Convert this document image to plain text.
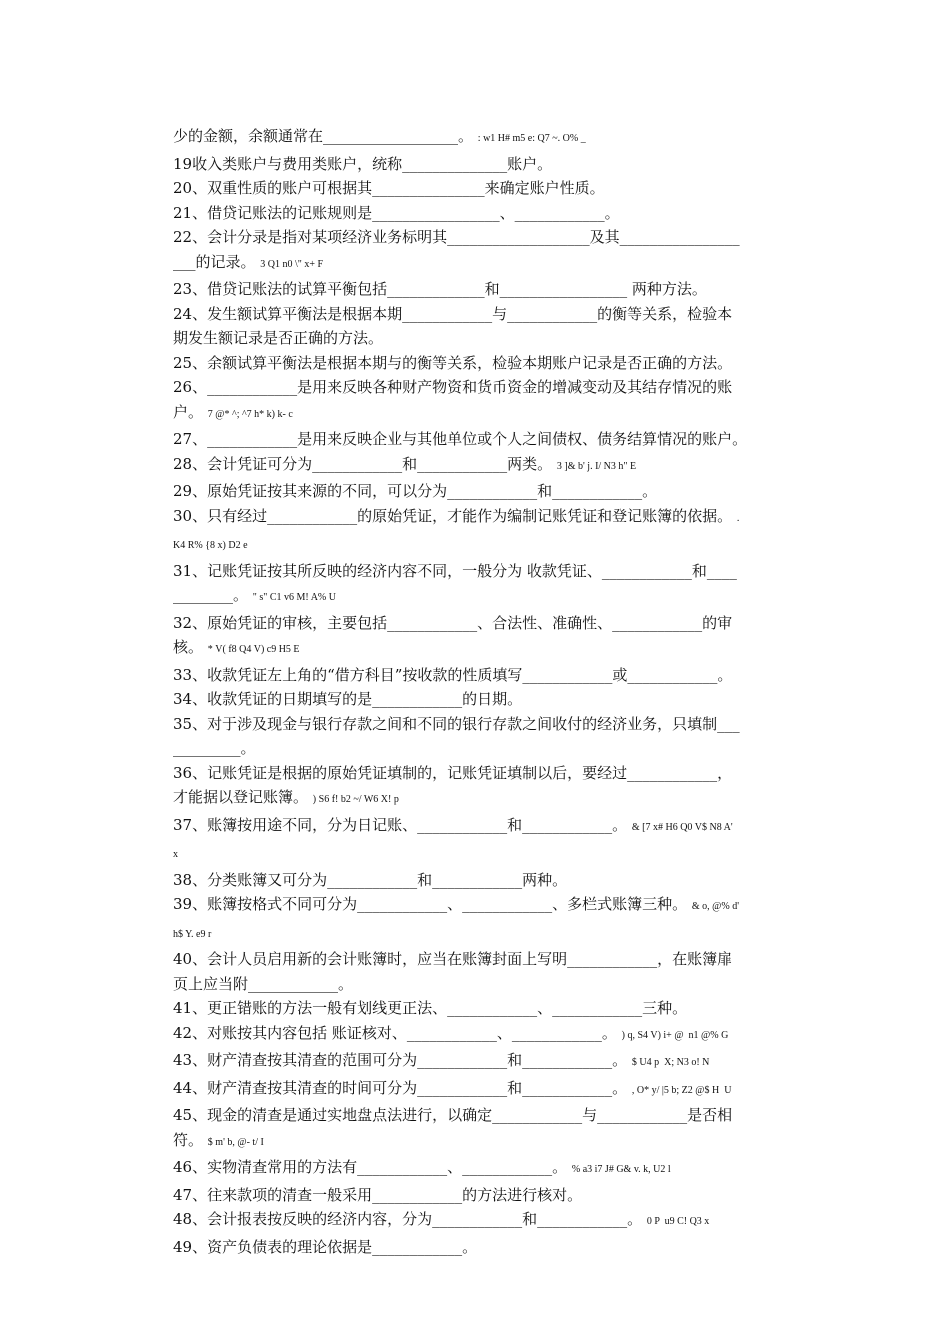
少的金额，余额通常在__________________。 : w1 H# m5 e: Q7 ~. O% _
19收入类账户与费用类账户，统称______________账户。
20、双重性质的账户可根据其_______________来确定账户性质。
21、借贷记账法的记账规则是_________________、____________。
22、会计分录是指对某项经济业务标明其___________________及其________________
___的记录。 3 Q1 n0 \" x+ F
23、借贷记账法的试算平衡包括_____________和_________________ 两种方法。
24、发生额试算平衡法是根据本期____________与____________的衡等关系，检验本
期发生额记录是否正确的方法。
25、余额试算平衡法是根据本期与的衡等关系，检验本期账户记录是否正确的方法。
26、____________是用来反映各种财产物资和货币资金的增减变动及其结存情况的账
户。 7 @* ^; ^7 h* k) k- c
27、____________是用来反映企业与其他单位或个人之间债权、债务结算情况的账户。
28、会计凭证可分为____________和____________两类。 3 ]& b' j. I/ N3 h" E
29、原始凭证按其来源的不同，可以分为____________和____________。
30、只有经过____________的原始凭证，才能作为编制记账凭证和登记账簿的依据。 .
K4 R% {8 x) D2 e
31、记账凭证按其所反映的经济内容不同，一般分为 收款凭证、____________和____
________。 " s" C1 v6 M! A% U
32、原始凭证的审核，主要包括____________、合法性、准确性、____________的审
核。 * V( f8 Q4 V) c9 H5 E
33、收款凭证左上角的“借方科目”按收款的性质填写____________或____________。
34、收款凭证的日期填写的是____________的日期。
35、对于涉及现金与银行存款之间和不同的银行存款之间收付的经济业务，只填制___
_________。
36、记账凭证是根据的原始凭证填制的，记账凭证填制以后，要经过____________，
才能据以登记账簿。 ) S6 f! b2 ~/ W6 X! p
37、账簿按用途不同，分为日记账、____________和____________。 & [7 x# H6 Q0 V$ N8 A'
x
38、分类账簿又可分为____________和____________两种。
39、账簿按格式不同可分为____________、____________、多栏式账簿三种。 & o, @% d'
h$ Y. e9 r
40、会计人员启用新的会计账簿时，应当在账簿封面上写明____________，在账簿扉
页上应当附____________。
41、更正错账的方法一般有划线更正法、____________、____________三种。
42、对账按其内容包括 账证核对、____________、____________。 ) q, S4 V) i+ @  n1 @% G
43、财产清查按其清查的范围可分为____________和____________。 $ U4 p  X; N3 o! N
44、财产清查按其清查的时间可分为____________和____________。 , O* y/ |5 b; Z2 @$ H  U
45、现金的清查是通过实地盘点法进行，以确定____________与____________是否相
符。 $ m' b, @- t/ I
46、实物清查常用的方法有____________、____________。 % a3 i7 J# G& v. k, U2 l
47、往来款项的清查一般采用____________的方法进行核对。
48、会计报表按反映的经济内容，分为____________和____________。 0 P  u9 C! Q3 x
49、资产负债表的理论依据是____________。
